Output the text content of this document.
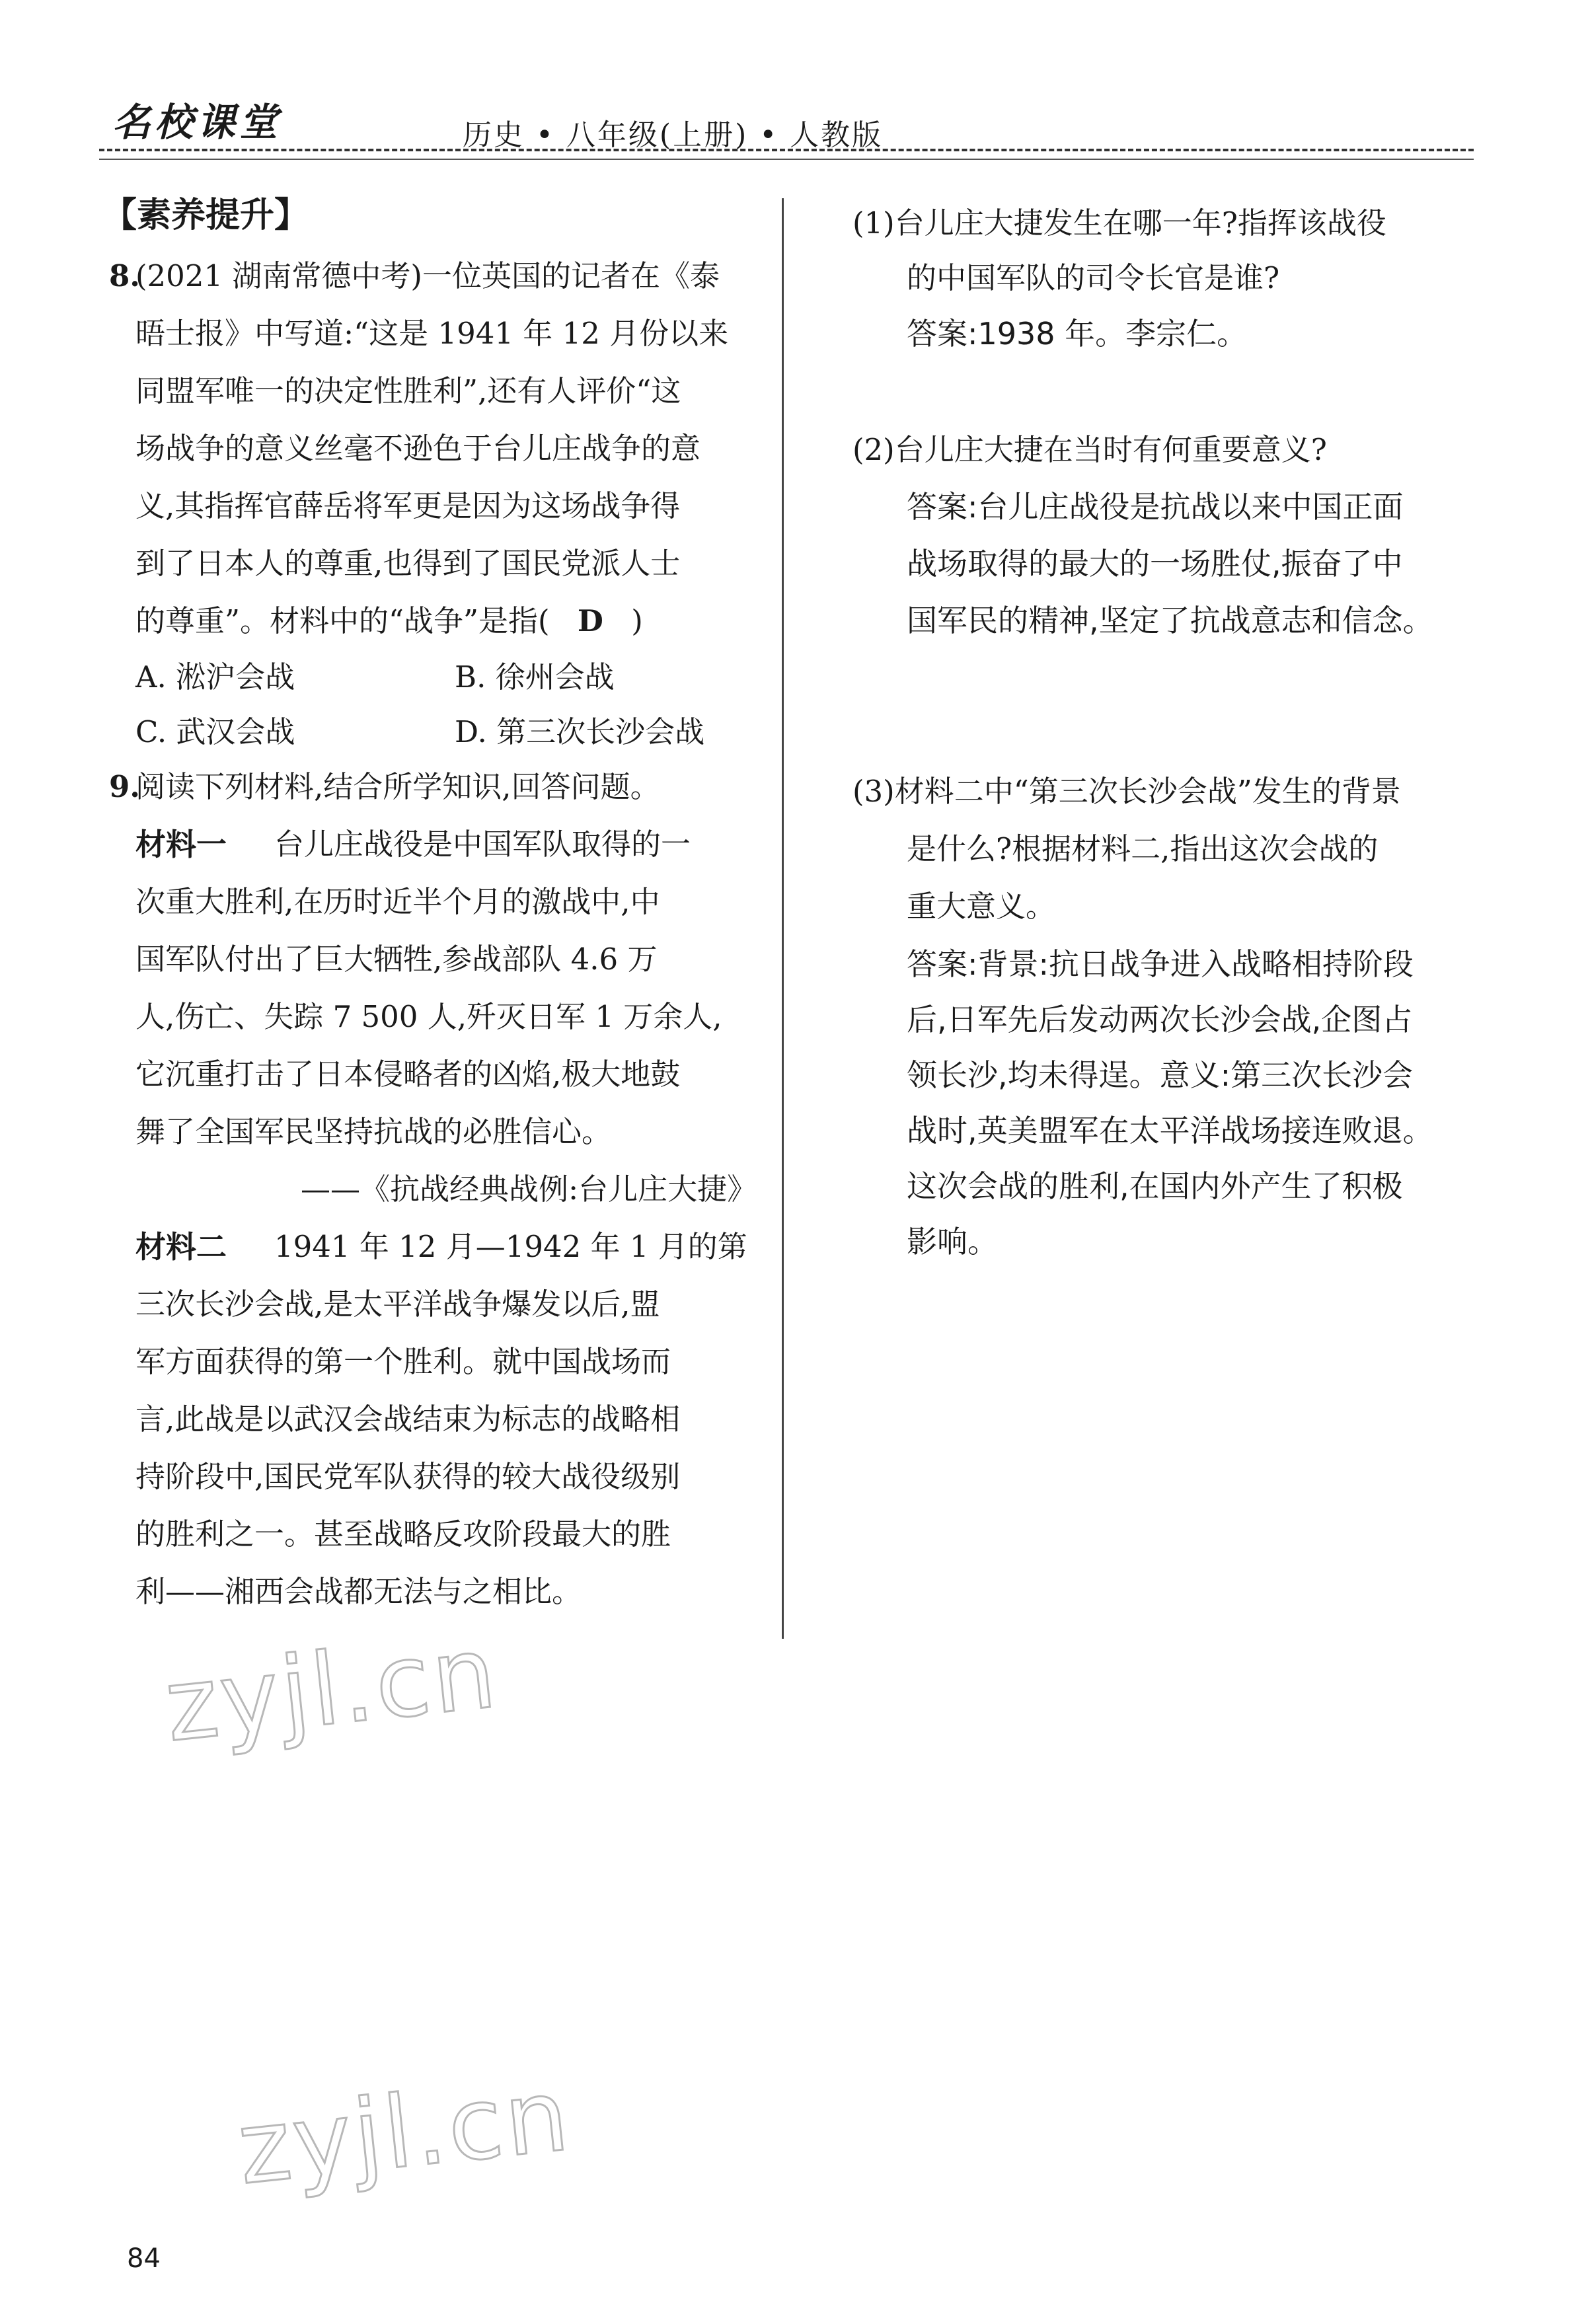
名校课堂	历史 • 八年级(上册) • 人教版
【素养提升】
8.
(2021 湖南常德中考)一位英国的记者在《泰
晤士报》中写道:“这是 1941 年 12 月份以来
同盟军唯一的决定性胜利”,还有人评价“这
场战争的意义丝毫不逊色于台儿庄战争的意
义,其指挥官薛岳将军更是因为这场战争得
到了日本人的尊重,也得到了国民党派人士
的尊重”。材料中的“战争”是指( D )
A. 淞沪会战	B. 徐州会战
C. 武汉会战	D. 第三次长沙会战
9.
阅读下列材料,结合所学知识,回答问题。
材料一 台儿庄战役是中国军队取得的一
次重大胜利,在历时近半个月的激战中,中
国军队付出了巨大牺牲,参战部队 4.6 万
人,伤亡、失踪 7 500 人,歼灭日军 1 万余人,
它沉重打击了日本侵略者的凶焰,极大地鼓
舞了全国军民坚持抗战的必胜信心。
——《抗战经典战例:台儿庄大捷》
材料二 1941 年 12 月—1942 年 1 月的第
三次长沙会战,是太平洋战争爆发以后,盟
军方面获得的第一个胜利。就中国战场而
言,此战是以武汉会战结束为标志的战略相
持阶段中,国民党军队获得的较大战役级别
的胜利之一。甚至战略反攻阶段最大的胜
利——湘西会战都无法与之相比。
(1)台儿庄大捷发生在哪一年?指挥该战役
的中国军队的司令长官是谁?
答案:1938 年。李宗仁。
(2)台儿庄大捷在当时有何重要意义?
答案:台儿庄战役是抗战以来中国正面
战场取得的最大的一场胜仗,振奋了中
国军民的精神,坚定了抗战意志和信念。
(3)材料二中“第三次长沙会战”发生的背景
是什么?根据材料二,指出这次会战的
重大意义。
答案:背景:抗日战争进入战略相持阶段
后,日军先后发动两次长沙会战,企图占
领长沙,均未得逞。意义:第三次长沙会
战时,英美盟军在太平洋战场接连败退。
这次会战的胜利,在国内外产生了积极
影响。
zyjl.cn
zyjl.cn
84
